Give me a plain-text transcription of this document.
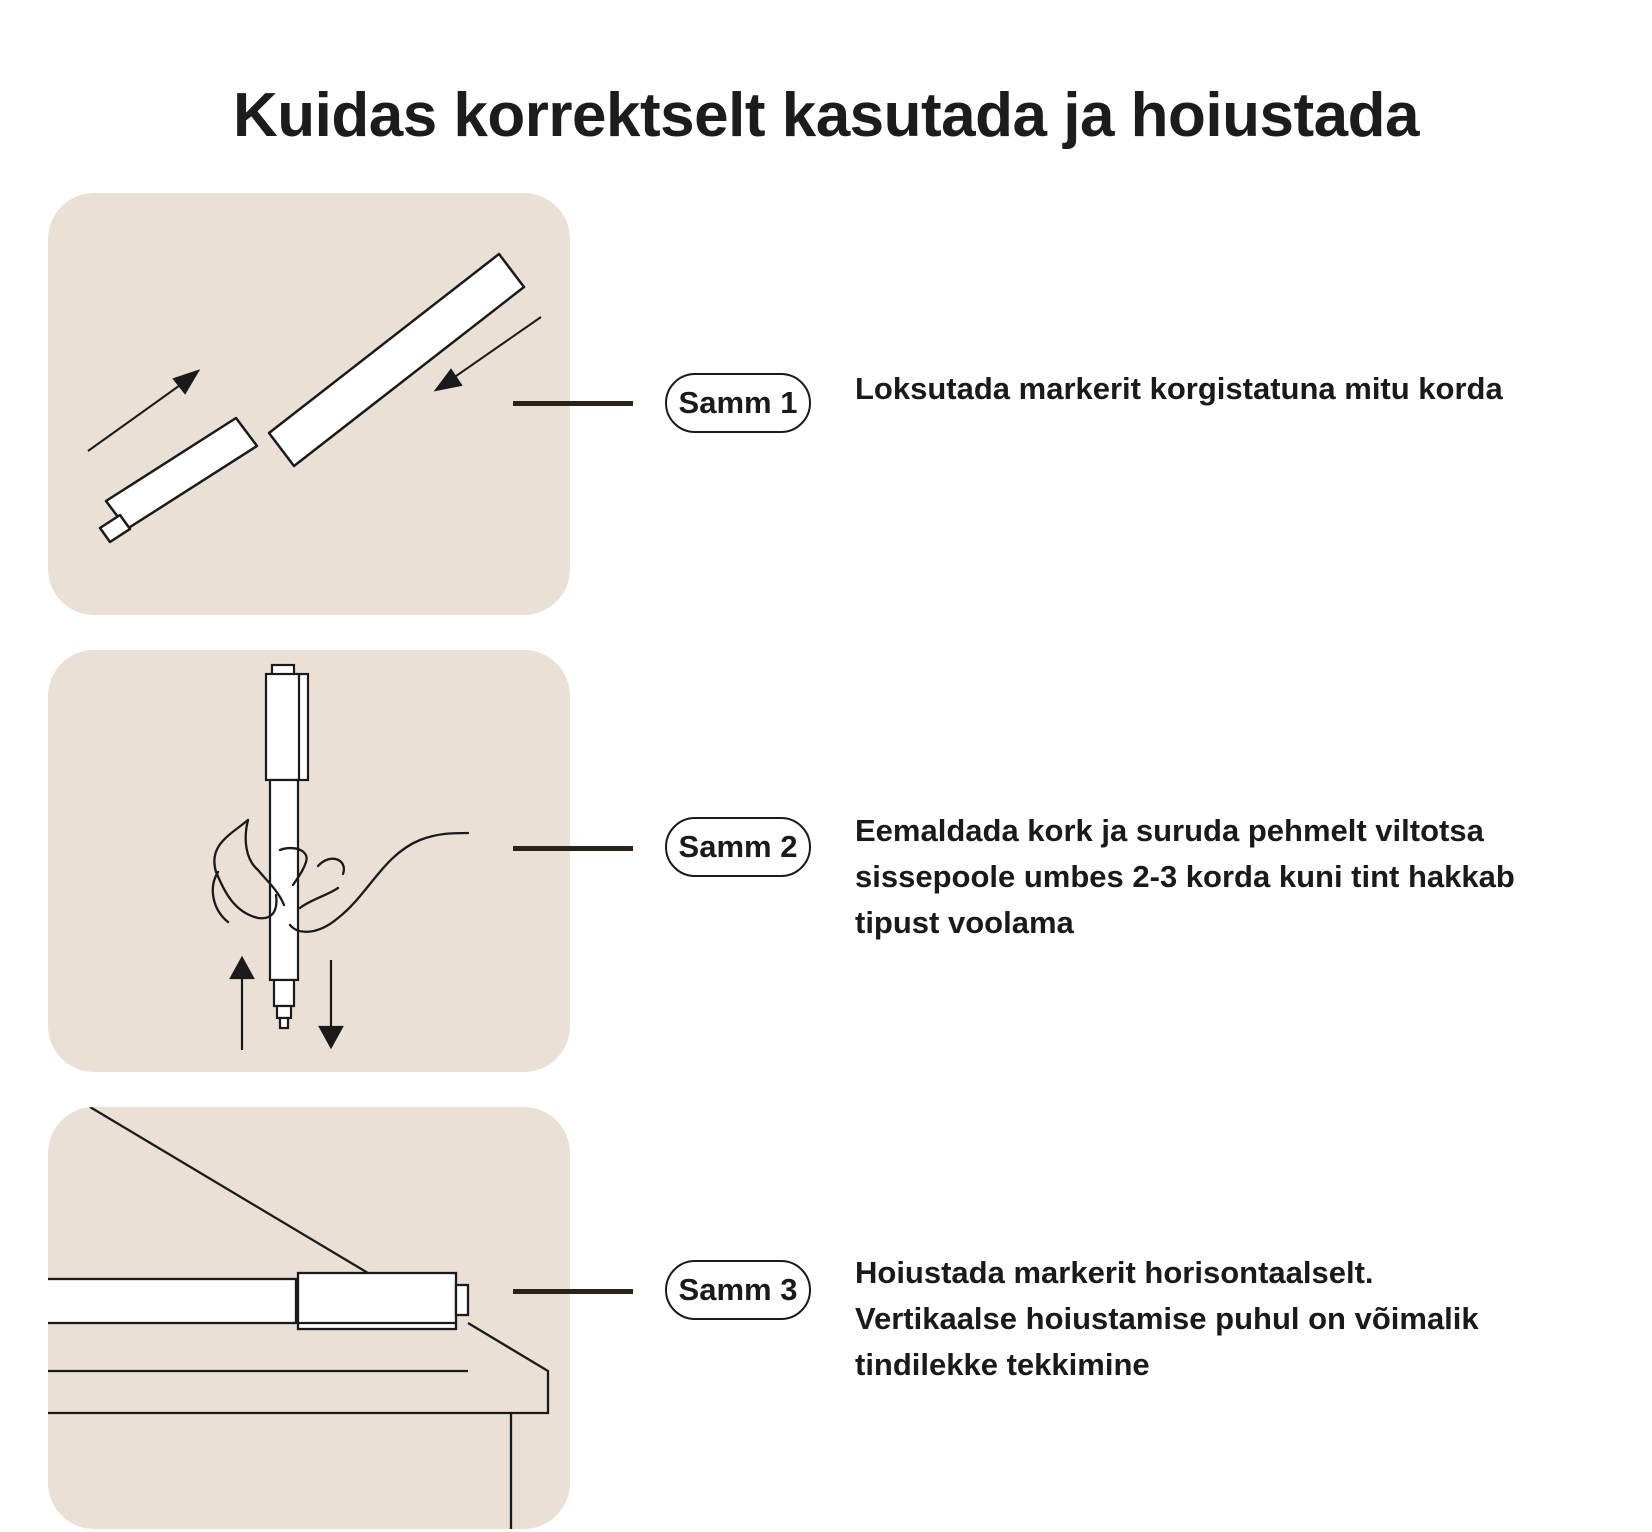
Kuidas korrektselt kasutada ja hoiustada
Samm 1	Loksutada markerit korgistatuna mitu korda
Samm 2	Eemaldada kork ja suruda pehmelt viltotsa
sissepoole umbes 2-3 korda kuni tint hakkab
tipust voolama
Samm 3	Hoiustada markerit horisontaalselt.
Vertikaalse hoiustamise puhul on võimalik
tindilekke tekkimine
